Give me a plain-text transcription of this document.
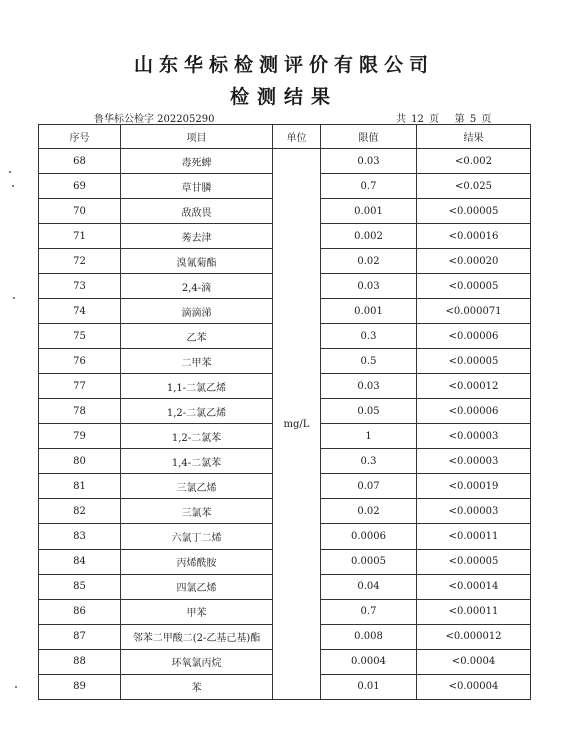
山东华标检测评价有限公司
检测结果
鲁华标公检字 202205290	共 12 页 第 5 页
序号	项目	单位	限值	结果
68	毒死蜱	mg/L	0.03	<0.002
69	草甘膦		0.7	<0.025
70	敌敌畏		0.001	<0.00005
71	莠去津		0.002	<0.00016
72	溴氰菊酯		0.02	<0.00020
73	2,4-滴		0.03	<0.00005
74	滴滴涕		0.001	<0.000071
75	乙苯		0.3	<0.00006
76	二甲苯		0.5	<0.00005
77	1,1-二氯乙烯		0.03	<0.00012
78	1,2-二氯乙烯		0.05	<0.00006
79	1,2-二氯苯		1	<0.00003
80	1,4-二氯苯		0.3	<0.00003
81	三氯乙烯		0.07	<0.00019
82	三氯苯		0.02	<0.00003
83	六氯丁二烯		0.0006	<0.00011
84	丙烯酰胺		0.0005	<0.00005
85	四氯乙烯		0.04	<0.00014
86	甲苯		0.7	<0.00011
87	邻苯二甲酸二(2-乙基己基)酯		0.008	<0.000012
88	环氧氯丙烷		0.0004	<0.0004
89	苯		0.01	<0.00004
